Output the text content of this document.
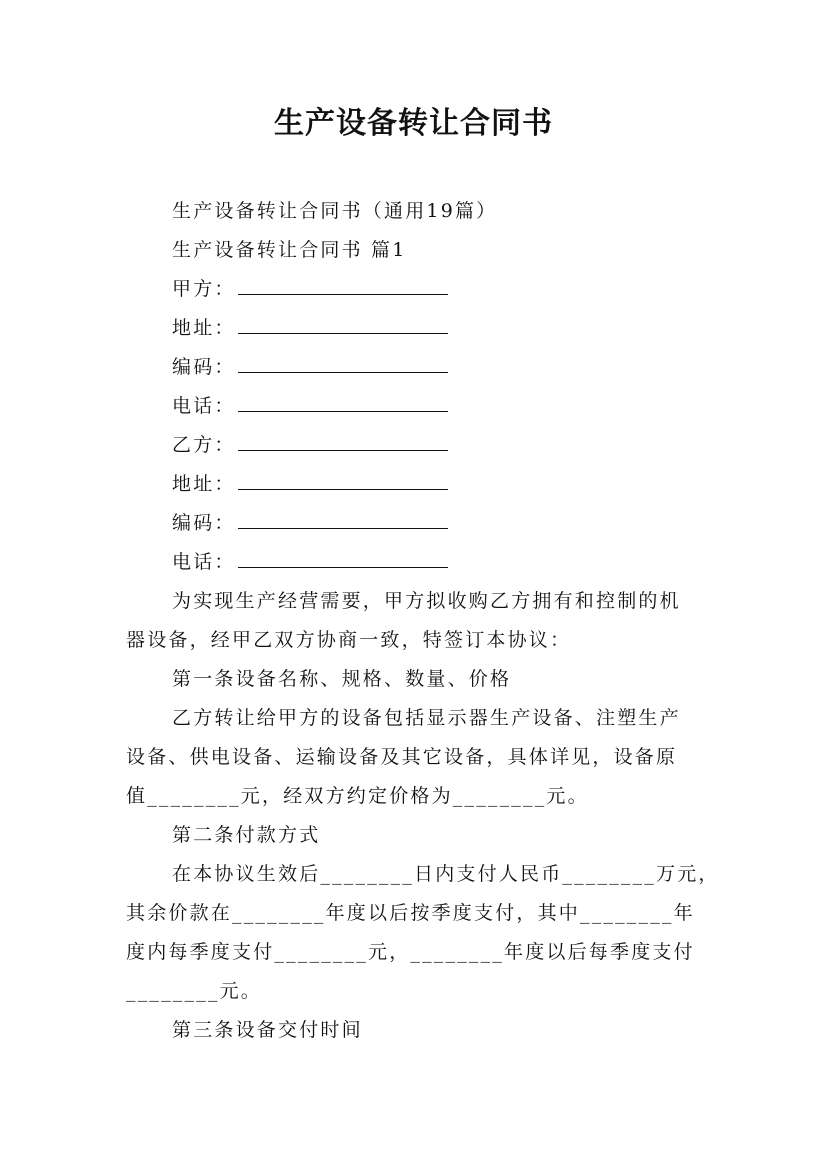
生产设备转让合同书
生产设备转让合同书（通用19篇）
生产设备转让合同书 篇1
甲方：
地址：
编码：
电话：
乙方：
地址：
编码：
电话：
为实现生产经营需要，甲方拟收购乙方拥有和控制的机
器设备，经甲乙双方协商一致，特签订本协议：
第一条设备名称、规格、数量、价格
乙方转让给甲方的设备包括显示器生产设备、注塑生产
设备、供电设备、运输设备及其它设备，具体详见，设备原
值________元，经双方约定价格为________元。
第二条付款方式
在本协议生效后________日内支付人民币________万元，
其余价款在________年度以后按季度支付，其中________年
度内每季度支付________元，________年度以后每季度支付
________元。
第三条设备交付时间
